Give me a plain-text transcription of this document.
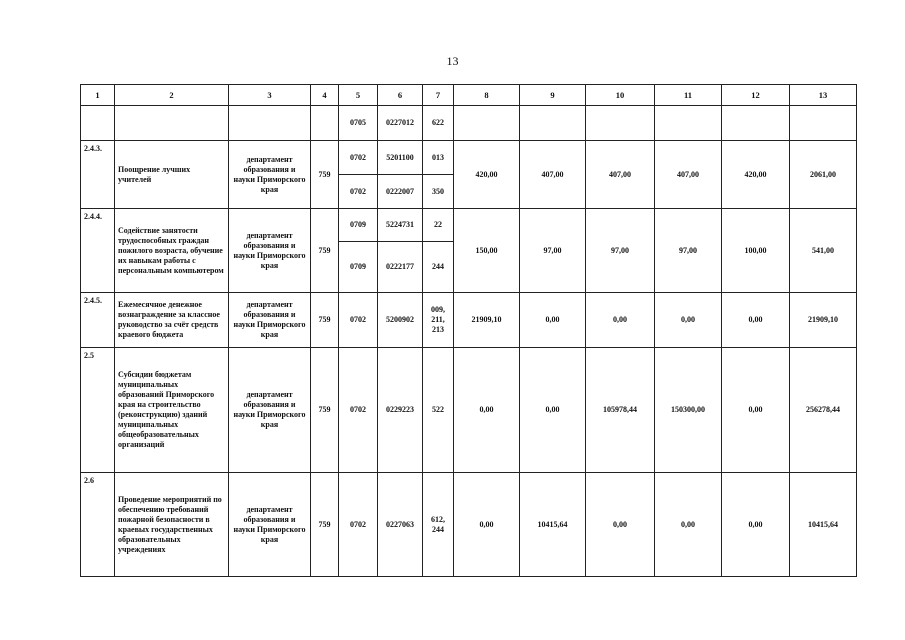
13
1	2	3	4	5	6	7	8	9	10	11	12	13
				0705	0227012	622						
2.4.3.	Поощрение лучших учителей	департамент образования и науки Приморского края	759	0702	5201100	013	420,00	407,00	407,00	407,00	420,00	2061,00
				0702	0222007	350						
2.4.4.	Содействие занятости трудоспособных граждан пожилого возраста, обучение их навыкам работы с персональным компьютером	департамент образования и науки Приморского края	759	0709	5224731	22	150,00	97,00	97,00	97,00	100,00	541,00
				0709	0222177	244						
2.4.5.	Ежемесячное денежное вознаграждение за классное руководство за счёт средств краевого бюджета	департамент образования и науки Приморского края	759	0702	5200902	009, 211, 213	21909,10	0,00	0,00	0,00	0,00	21909,10
2.5	Субсидии бюджетам муниципальных образований Приморского края на строительство (реконструкцию) зданий муниципальных общеобразовательных организаций	департамент образования и науки Приморского края	759	0702	0229223	522	0,00	0,00	105978,44	150300,00	0,00	256278,44
2.6	Проведение мероприятий по обеспечению требований пожарной безопасности в краевых государственных образовательных учреждениях	департамент образования и науки Приморского края	759	0702	0227063	612, 244	0,00	10415,64	0,00	0,00	0,00	10415,64
